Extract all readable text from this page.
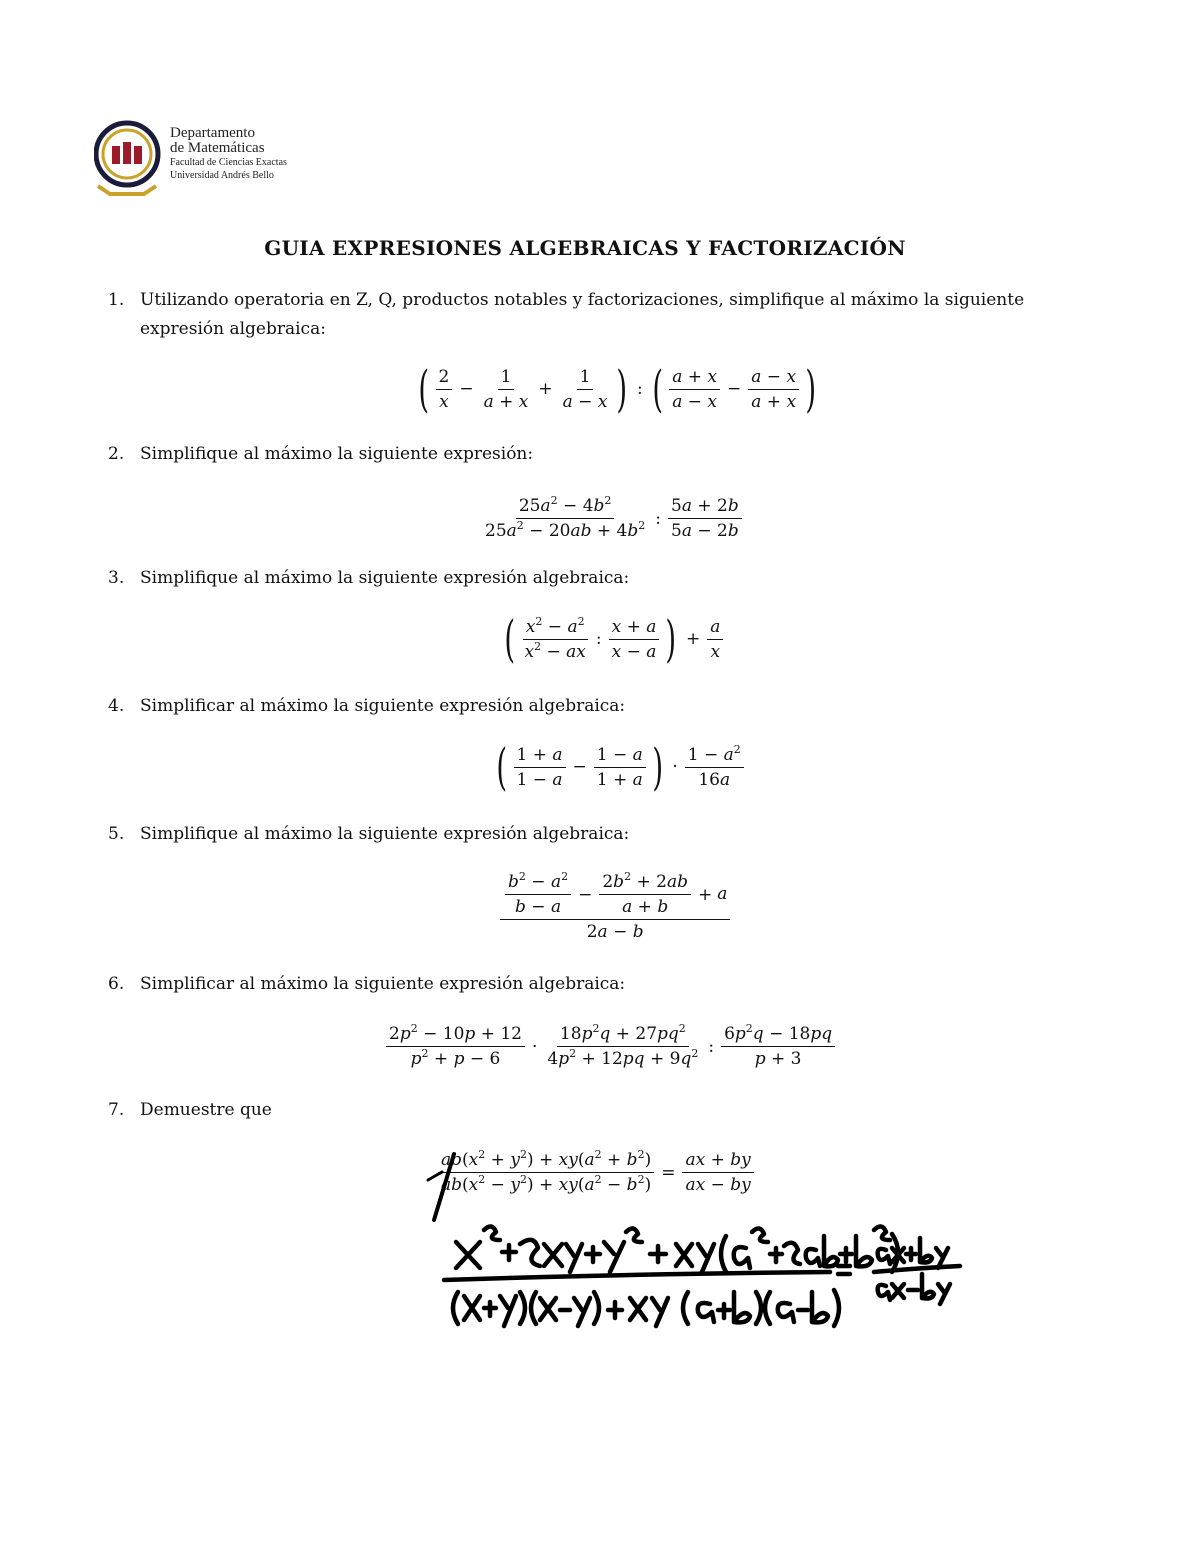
Departamento
de Matemáticas
Facultad de Ciencias Exactas
Universidad Andrés Bello
GUIA EXPRESIONES ALGEBRAICAS Y FACTORIZACIÓN
1. Utilizando operatoria en Z, Q, productos notables y factorizaciones, simplifique al máximo la siguiente expresión algebraica:
( $\frac{2}{x} - \frac{1}{a + x} + \frac{1}{a - x}$ ) : ( $\frac{a + x}{a - x} - \frac{a - x}{a + x}$ )
2. Simplifique al máximo la siguiente expresión:
$\frac{25a^2 - 4b^2}{25a^2 - 20ab + 4b^2}$ : $\frac{5a + 2b}{5a - 2b}$
3. Simplifique al máximo la siguiente expresión algebraica:
( $\frac{x^2 - a^2}{x^2 - ax}$ : $\frac{x + a}{x - a}$ ) + $\frac{a}{x}$
4. Simplificar al máximo la siguiente expresión algebraica:
( $\frac{1 + a}{1 - a} - \frac{1 - a}{1 + a}$ ) · $\frac{1 - a^2}{16a}$
5. Simplifique al máximo la siguiente expresión algebraica:
$\frac{\frac{b^2 - a^2}{b - a} - \frac{2b^2 + 2ab}{a + b} + a}{2a - b}$
6. Simplificar al máximo la siguiente expresión algebraica:
$\frac{2p^2 - 10p + 12}{p^2 + p - 6} \cdot \frac{18p^2q + 27pq^2}{4p^2 + 12pq + 9q^2}$ : $\frac{6p^2q - 18pq}{p + 3}$
7. Demuestre que
$\frac{ab(x^2 + y^2) + xy(a^2 + b^2)}{ab(x^2 - y^2) + xy(a^2 - b^2)} = \frac{ax + by}{ax - by}$
